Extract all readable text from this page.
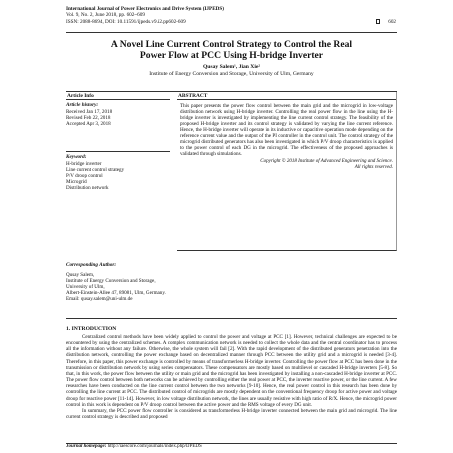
International Journal of Power Electronics and Drive System (IJPEDS)
Vol. 9, No. 2, June 2018, pp. 602~609
ISSN: 2088-8694, DOI: 10.11591/ijpeds.v9.i2.pp602-609	602
A Novel Line Current Control Strategy to Control the Real
Power Flow at PCC Using H-bridge Inverter
Qusay Salem¹, Jian Xie²
Institute of Energy Conversion and Storage, University of Ulm, Germany
Article Info
Article history:
Received Jan 17, 2018
Revised Feb 22, 2018
Accepted Apr 3, 2018
Keyword:
H-bridge inverter
Line current control strategy
P/V droop control
Microgrid
Distribution network
ABSTRACT
This paper presents the power flow control between the main grid and the microgrid in low-voltage distribution network using H-bridge inverter. Controlling the real power flow in the line using the H-bridge inverter is investigated by implementing the line current control strategy. The feasibility of the proposed H-bridge inverter and its control strategy is validated by varying the line current reference. Hence, the H-bridge inverter will operate in its inductive or capacitive operation mode depending on the reference current value and the output of the PI controller in the control unit. The control strategy of the microgrid distributed generators has also been investigated in which P/V droop characteristics is applied to the power control of each DG in the microgrid. The effectiveness of the proposed approaches is validated through simulations.
Copyright © 2018 Institute of Advanced Engineering and Science.
All rights reserved.
Corresponding Author:
Qusay Salem,
Institute of Energy Conversion and Storage,
University of Ulm,
Albert-Einstein-Allee 47, 89081, Ulm, Germany.
Email: qusay.salem@uni-ulm.de
1. INTRODUCTION

Centralized control methods have been widely applied to control the power and voltage at PCC [1]. However, technical challenges are expected to be encountered by using the centralized schemes. A complex communication network is needed to collect the whole data and the central coordinator has to process all the information without any failure. Otherwise, the whole system will fail [2]. With the rapid development of the distributed generators penetration into the distribution network, controlling the power exchange based on decentralized manner through PCC between the utility grid and a microgrid is needed [3-4]. Therefore, in this paper, this power exchange is controlled by means of transformerless H-bridge inverter. Controlling the power flow at PCC has been done in the transmission or distribution network by using series compensators. These compensators are mostly based on multilevel or cascaded H-bridge inverters [5-8]. So that, in this work, the power flow between the utility or main grid and the microgrid has been investigated by installing a non-cascaded H-bridge inverter at PCC. The power flow control between both networks can be achieved by controlling either the real power at PCC, the inverter reactive power, or the line current. A few researches have been conducted on the line current control between the two networks [9-10]. Hence, the real power control in this research has been done by controlling the line current at PCC. The distributed control of microgrids are mostly dependent on the conventional frequency droop for active power and voltage droop for reactive power [11-14]. However, in low voltage distribution network, the lines are usually resistive with high ratio of R/X. Hence, the microgrid power control in this work is dependent on P/V droop control between the active power and the RMS voltage of every DG unit.

In summary, the PCC power flow controller is considered as transformerless H-bridge inverter connected between the main grid and microgrid. The line current control strategy is described and proposed

Journal homepage: http://iaescore.com/journals/index.php/IJPEDS
